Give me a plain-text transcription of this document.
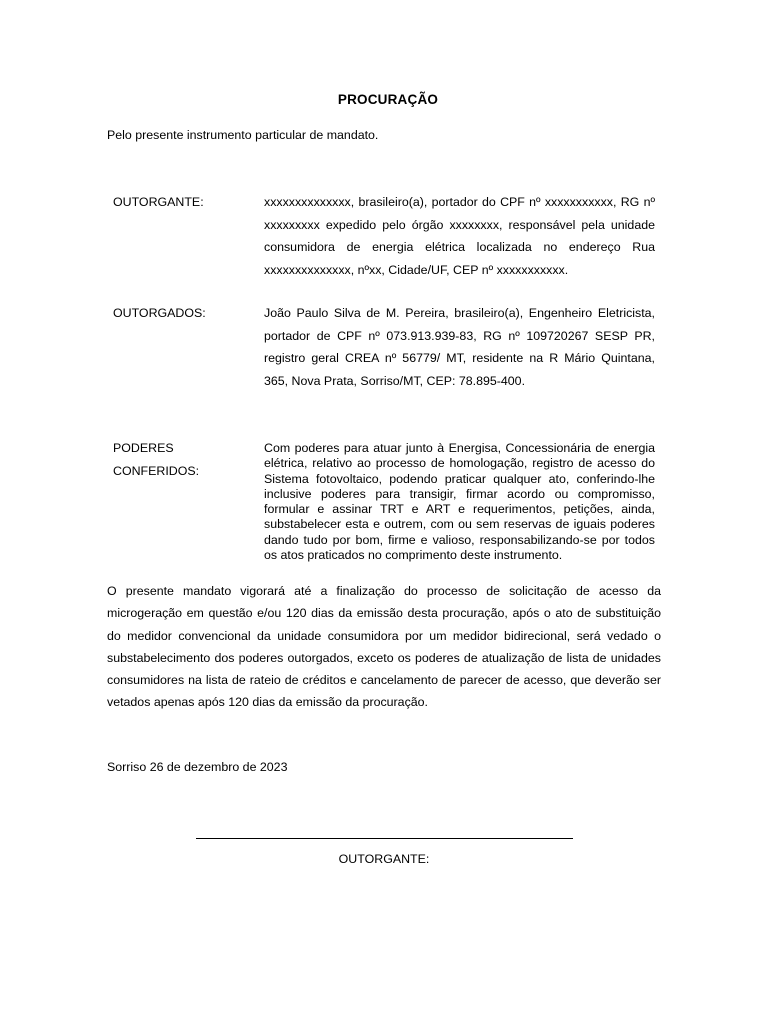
PROCURAÇÃO
Pelo presente instrumento particular de mandato.
OUTORGANTE:	xxxxxxxxxxxxxx, brasileiro(a), portador do CPF nº xxxxxxxxxxx, RG nº xxxxxxxxx expedido pelo órgão xxxxxxxx, responsável pela unidade consumidora de energia elétrica localizada no endereço Rua xxxxxxxxxxxxxx, nºxx, Cidade/UF, CEP nº xxxxxxxxxxx.

OUTORGADOS:	João Paulo Silva de M. Pereira, brasileiro(a), Engenheiro Eletricista, portador de CPF nº 073.913.939-83, RG nº 109720267 SESP PR, registro geral CREA nº 56779/ MT, residente na R Mário Quintana, 365, Nova Prata, Sorriso/MT, CEP: 78.895-400.

PODERES
CONFERIDOS:

Com poderes para atuar junto à Energisa, Concessionária de energia elétrica, relativo ao processo de homologação, registro de acesso do Sistema fotovoltaico, podendo praticar qualquer ato, conferindo-lhe inclusive poderes para transigir, firmar acordo ou compromisso, formular e assinar TRT e ART e requerimentos, petições, ainda, substabelecer esta e outrem, com ou sem reservas de iguais poderes dando tudo por bom, firme e valioso, responsabilizando-se por todos os atos praticados no comprimento deste instrumento.

O presente mandato vigorará até a finalização do processo de solicitação de acesso da microgeração em questão e/ou 120 dias da emissão desta procuração, após o ato de substituição do medidor convencional da unidade consumidora por um medidor bidirecional, será vedado o substabelecimento dos poderes outorgados, exceto os poderes de atualização de lista de unidades consumidores na lista de rateio de créditos e cancelamento de parecer de acesso, que deverão ser vetados apenas após 120 dias da emissão da procuração.

Sorriso 26 de dezembro de 2023
OUTORGANTE:
